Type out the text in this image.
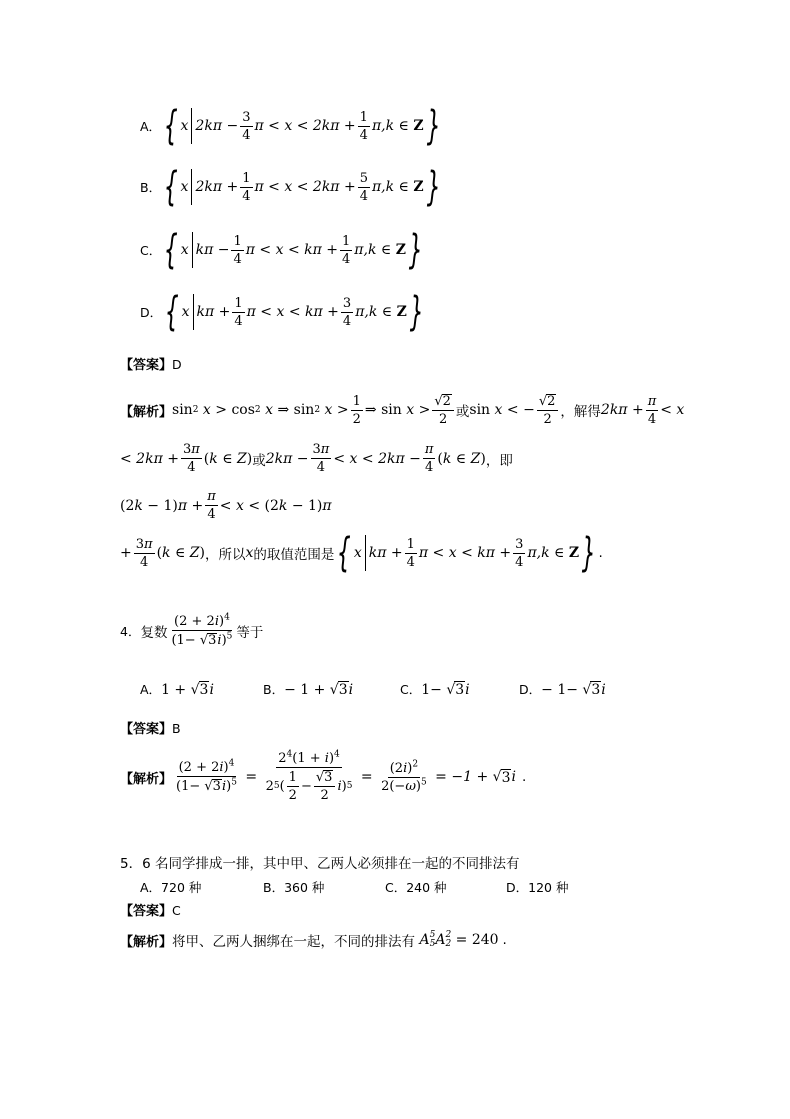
A． { x 2 $k\pi - \frac{3}{4}$ π < x < 2 $k\pi + \frac{1}{4}$ π , k ∈ Z }
B． { x 2 $k\pi + \frac{1}{4}$ π < x < 2 $k\pi + \frac{5}{4}$ π , k ∈ Z }
C． { x $k\pi - \frac{1}{4}$ $\pi < x < k\pi + \frac{1}{4}$ π , k ∈ Z }
D． { x $k\pi + \frac{1}{4}$ $\pi < x < k\pi + \frac{3}{4}$ π , k ∈ Z }
【答案】D
【解析】 sin 2
x > cos 2
x ⇒ sin 2
$x > \frac{1}{2}$ ⇒ sin
$x > \frac{√2}{2}$ 或 sin
x < − $\frac{√2}{2}$ ，解得 2 $k\pi + \frac{\pi}{4} < x$
< 2 $k\pi + \frac{3\pi}{4}$ ( k ∈ Z ) 或 2 $k\pi - \frac{3\pi}{4} < x < 2$ $k\pi - \frac{\pi}{4}$ ( k ∈ Z ) ，即
(2 k − 1) $\pi + \frac{\pi}{4} < x < (2$ k − 1) π
+ $\frac{3\pi}{4}$ ( k ∈ Z ) ，所以 x 的取值范围是 { x $k\pi + \frac{1}{4}$ $\pi < x < k\pi + \frac{3}{4}$ π , k ∈ Z } .
4． 复数 $\frac{(2 + 2i)^4}{(1- √3i)^5}$ 等于
A． 1 + √3i	B． − 1 + √3i	C． 1− √3i	D． − 1− √3i
【答案】B
【解析】 $\frac{(2 + 2i)^4}{(1- √3i)^5} = \frac{2^4(1 + i)^4}{2 5 ( \frac{1}{2} - \frac{√3}{2} i ) 5} = \frac{(2i)^2}{2(-\omega)^5} = -1$ + √ 3 i .
5．6 名同学排成一排，其中甲、乙两人必须排在一起的不同排法有
A．720 种	B．360 种	C．240 种	D．120 种
【答案】C
【解析】 将甲、乙两人捆绑在一起，不同的排法有 A 5
5 A 2
2 = 240 .
